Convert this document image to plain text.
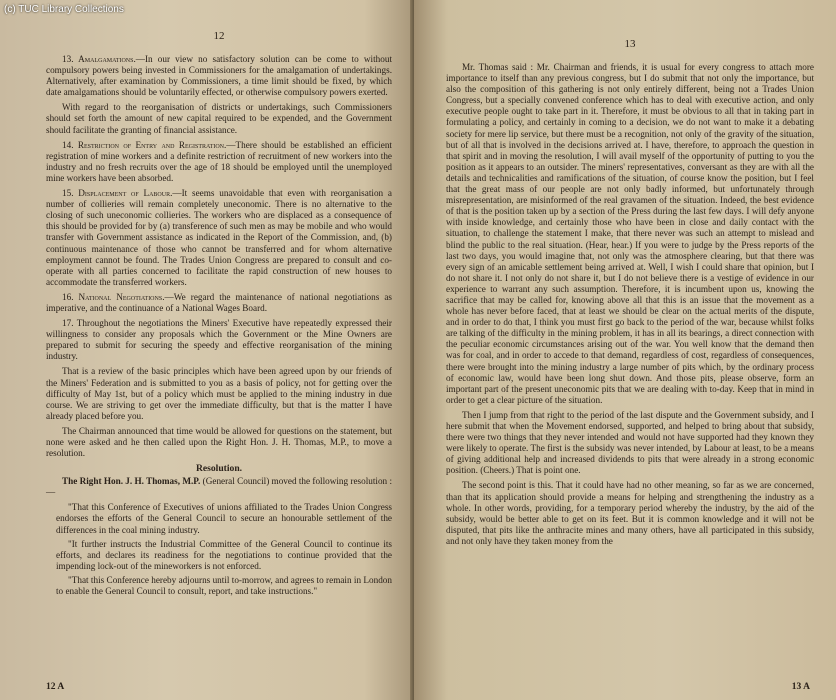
(c) TUC Library Collections
12

13. Amalgamations.—In our view no satisfactory solution can be come to without compulsory powers being invested in Commissioners for the amalgamation of undertakings. Alternatively, after examination by Commissioners, a time limit should be fixed, by which date amalgamations should be voluntarily effected, or otherwise compulsory powers exerted.

With regard to the reorganisation of districts or undertakings, such Commissioners should set forth the amount of new capital required to be expended, and the Government should facilitate the granting of financial assistance.

14. Restriction of Entry and Registration.—There should be established an efficient registration of mine workers and a definite restriction of recruitment of new workers into the industry and no fresh recruits over the age of 18 should be employed until the unemployed mine workers have been absorbed.

15. Displacement of Labour.—It seems unavoidable that even with reorganisation a number of collieries will remain completely uneconomic. There is no alternative to the closing of such uneconomic collieries. The workers who are displaced as a consequence of this should be provided for by (a) transference of such men as may be mobile and who would transfer with Government assistance as indicated in the Report of the Commission, and, (b) continuous maintenance of those who cannot be transferred and for whom alternative employment cannot be found. The Trades Union Congress are prepared to consult and co-operate with all parties concerned to facilitate the rapid construction of new houses to accommodate the transferred workers.

16. National Negotiations.—We regard the maintenance of national negotiations as imperative, and the continuance of a National Wages Board.

17. Throughout the negotiations the Miners' Executive have repeatedly expressed their willingness to consider any proposals which the Government or the Mine Owners are prepared to submit for securing the speedy and effective reorganisation of the mining industry.

That is a review of the basic principles which have been agreed upon by our friends of the Miners' Federation and is submitted to you as a basis of policy, not for getting over the difficulty of May 1st, but of a policy which must be applied to the mining industry in due course. We are striving to get over the immediate difficulty, but that is the matter I have already placed before you.

The Chairman announced that time would be allowed for questions on the statement, but none were asked and he then called upon the Right Hon. J. H. Thomas, M.P., to move a resolution.

Resolution.

The Right Hon. J. H. Thomas, M.P. (General Council) moved the following resolution :—

"That this Conference of Executives of unions affiliated to the Trades Union Congress endorses the efforts of the General Council to secure an honourable settlement of the differences in the coal mining industry.

"It further instructs the Industrial Committee of the General Council to continue its efforts, and declares its readiness for the negotiations to continue provided that the impending lock-out of the mineworkers is not enforced.

"That this Conference hereby adjourns until to-morrow, and agrees to remain in London to enable the General Council to consult, report, and take instructions."

12 A
13

Mr. Thomas said : Mr. Chairman and friends, it is usual for every congress to attach more importance to itself than any previous congress, but I do submit that not only the importance, but also the composition of this gathering is not only entirely different, being not a Trades Union Congress, but a specially convened conference which has to deal with executive action, and only executive people ought to take part in it. Therefore, it must be obvious to all that in taking part in formulating a policy, and certainly in coming to a decision, we do not want to make it a debating society for mere lip service, but there must be a recognition, not only of the gravity of the situation, but of all that is involved in the decisions arrived at. I have, therefore, to approach the question in that spirit and in moving the resolution, I will avail myself of the opportunity of putting to you the position as it appears to an outsider. The miners' representatives, conversant as they are with all the details and technicalities and ramifications of the situation, of course know the position, but I feel that the great mass of our people are not only badly informed, but unfortunately through misrepresentation, are misinformed of the real gravamen of the situation. Indeed, the best evidence of that is the position taken up by a section of the Press during the last few days. I will defy anyone with inside knowledge, and certainly those who have been in close and daily contact with the situation, to challenge the statement I make, that there never was such an attempt to mislead and blind the public to the real situation. (Hear, hear.) If you were to judge by the Press reports of the last two days, you would imagine that, not only was the atmosphere clearing, but that there was every sign of an amicable settlement being arrived at. Well, I wish I could share that opinion, but I do not share it. I not only do not share it, but I do not believe there is a vestige of evidence in our experience to warrant any such assumption. Therefore, it is incumbent upon us, knowing the sacrifice that may be called for, knowing above all that this is an issue that the movement as a whole has never before faced, that at least we should be clear on the actual merits of the dispute, and in order to do that, I think you must first go back to the period of the war, because whilst folks are talking of the difficulty in the mining problem, it has in all its bearings, a direct connection with the peculiar economic circumstances arising out of the war. You well know that the demand then was for coal, and in order to accede to that demand, regardless of cost, regardless of consequences, there were brought into the mining industry a large number of pits which, by the ordinary process of economic law, would have been long shut down. And those pits, please observe, form an important part of the present uneconomic pits that we are dealing with to-day. Keep that in mind in order to get a clear picture of the situation.

Then I jump from that right to the period of the last dispute and the Government subsidy, and I here submit that when the Movement endorsed, supported, and helped to bring about that subsidy, there were two things that they never intended and would not have supported had they known they were likely to operate. The first is the subsidy was never intended, by Labour at least, to be a means of giving additional help and increased dividends to pits that were already in a strong economic position. (Cheers.) That is point one.

The second point is this. That it could have had no other meaning, so far as we are concerned, than that its application should provide a means for helping and strengthening the industry as a whole. In other words, providing, for a temporary period whereby the industry, by the aid of the subsidy, would be better able to get on its feet. But it is common knowledge and it will not be disputed, that pits like the anthracite mines and many others, have all participated in this subsidy, and not only have they taken money from the

13 A
